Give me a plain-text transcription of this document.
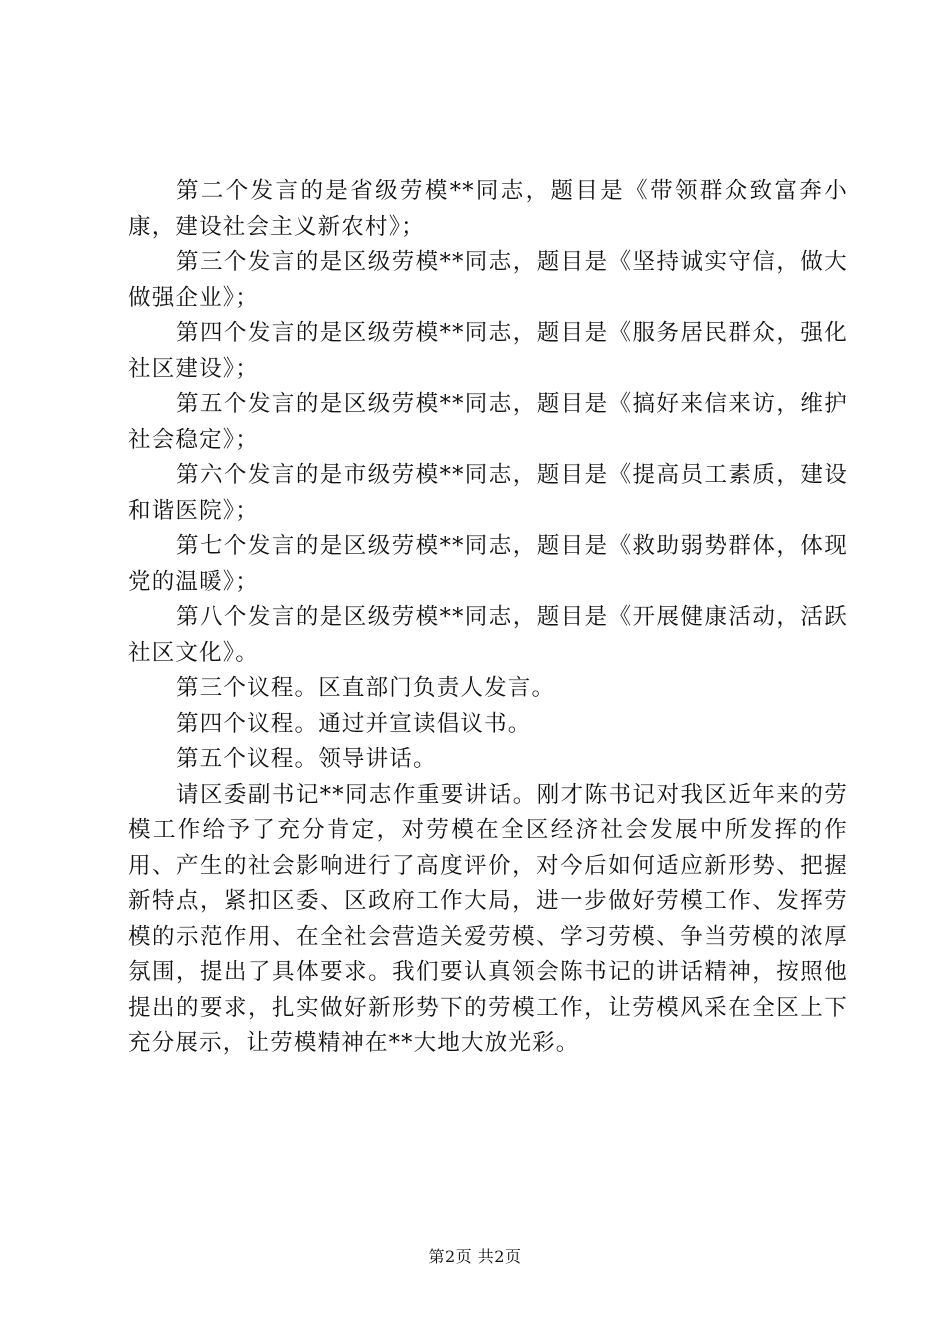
第二个发言的是省级劳模**同志，题目是《带领群众致富奔小康，建设社会主义新农村》；

第三个发言的是区级劳模**同志，题目是《坚持诚实守信，做大做强企业》；

第四个发言的是区级劳模**同志，题目是《服务居民群众，强化社区建设》；

第五个发言的是区级劳模**同志，题目是《搞好来信来访，维护社会稳定》；

第六个发言的是市级劳模**同志，题目是《提高员工素质，建设和谐医院》；

第七个发言的是区级劳模**同志，题目是《救助弱势群体，体现党的温暖》；

第八个发言的是区级劳模**同志，题目是《开展健康活动，活跃社区文化》。

第三个议程。区直部门负责人发言。

第四个议程。通过并宣读倡议书。

第五个议程。领导讲话。

请区委副书记**同志作重要讲话。刚才陈书记对我区近年来的劳模工作给予了充分肯定，对劳模在全区经济社会发展中所发挥的作用、产生的社会影响进行了高度评价，对今后如何适应新形势、把握新特点，紧扣区委、区政府工作大局，进一步做好劳模工作、发挥劳模的示范作用、在全社会营造关爱劳模、学习劳模、争当劳模的浓厚氛围，提出了具体要求。我们要认真领会陈书记的讲话精神，按照他提出的要求，扎实做好新形势下的劳模工作，让劳模风采在全区上下充分展示，让劳模精神在**大地大放光彩。

第2页 共2页
